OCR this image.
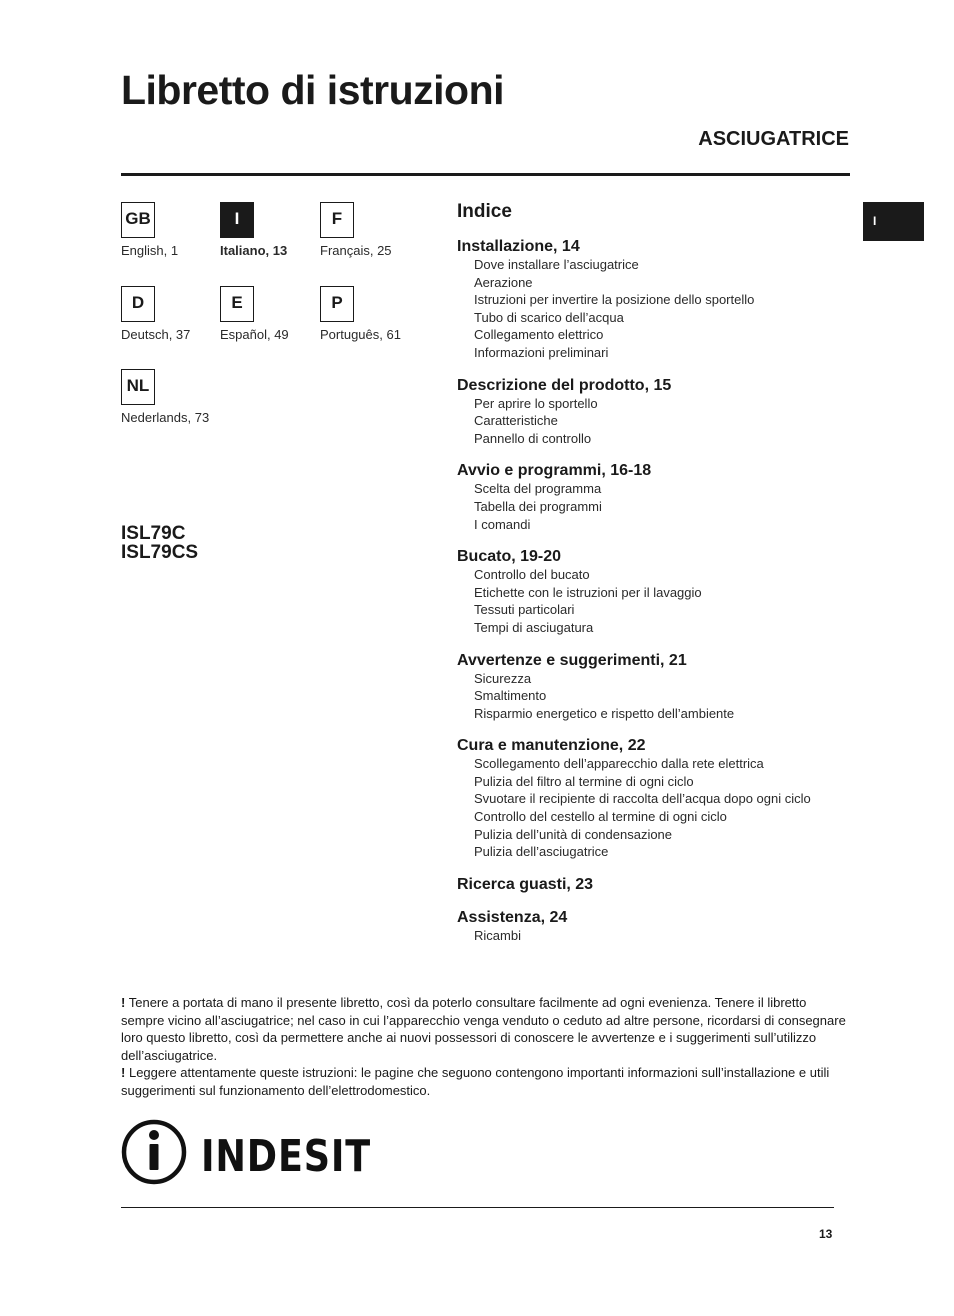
Libretto di istruzioni
ASCIUGATRICE
I
GB
English, 1
I
Italiano, 13
F
Français, 25
D
Deutsch, 37
E
Español, 49
P
Português, 61
NL
Nederlands, 73
ISL79C
ISL79CS
Indice
Installazione, 14
Dove installare l’asciugatrice
Aerazione
Istruzioni per invertire la posizione dello sportello
Tubo di scarico dell’acqua
Collegamento elettrico
Informazioni preliminari
Descrizione del prodotto, 15
Per aprire lo sportello
Caratteristiche
Pannello di controllo
Avvio e programmi, 16-18
Scelta del programma
Tabella dei programmi
I comandi
Bucato, 19-20
Controllo del bucato
Etichette con le istruzioni per il lavaggio
Tessuti particolari
Tempi di asciugatura
Avvertenze e suggerimenti, 21
Sicurezza
Smaltimento
Risparmio energetico e rispetto dell’ambiente
Cura e manutenzione, 22
Scollegamento dell’apparecchio dalla rete elettrica
Pulizia del filtro al termine di ogni ciclo
Svuotare il recipiente di raccolta dell’acqua dopo ogni ciclo
Controllo del cestello al termine di ogni ciclo
Pulizia dell’unità di condensazione
Pulizia dell’asciugatrice
Ricerca guasti, 23
Assistenza, 24
Ricambi

! Tenere a portata di mano il presente libretto, così da poterlo consultare facilmente ad ogni evenienza. Tenere il libretto sempre vicino all’asciugatrice; nel caso in cui l’apparecchio venga venduto o ceduto ad altre persone, ricordarsi di consegnare loro questo libretto, così da permettere anche ai nuovi possessori di conoscere le avvertenze e i suggerimenti sull’utilizzo dell’asciugatrice.

! Leggere attentamente queste istruzioni: le pagine che seguono contengono importanti informazioni sull’installazione e utili suggerimenti sul funzionamento dell’elettrodomestico.

INDESIT
13
